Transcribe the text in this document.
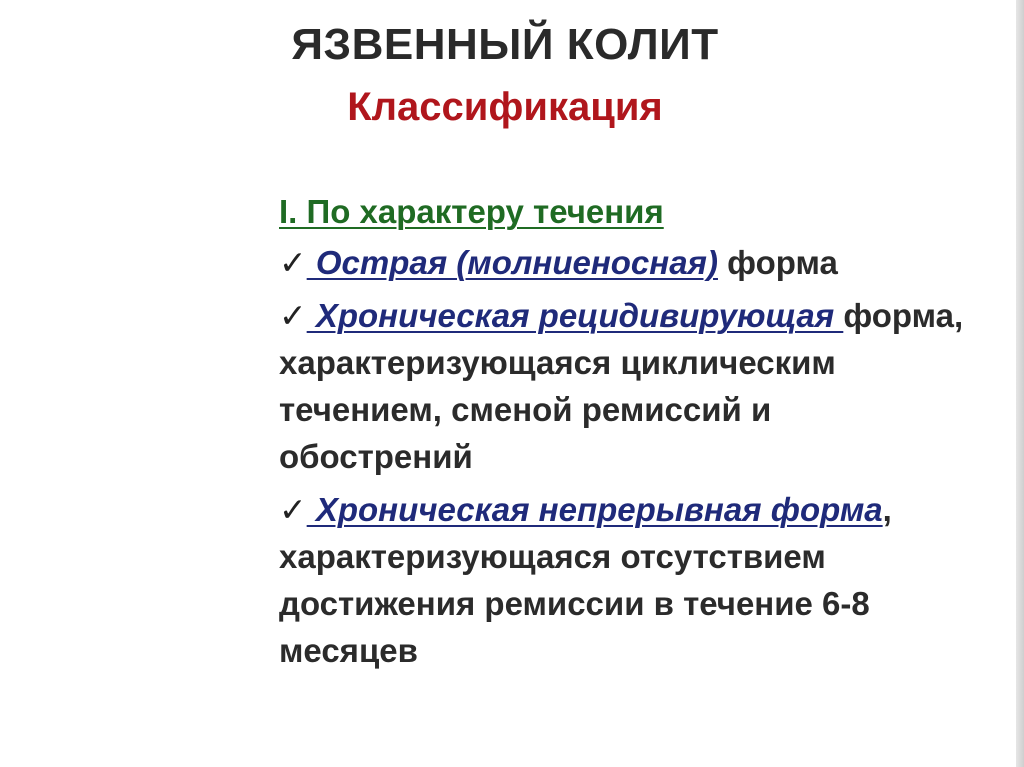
ЯЗВЕННЫЙ КОЛИТ
Классификация
I. По характеру течения
✓ Острая (молниеносная) форма
✓ Хроническая рецидивирующая форма, характеризующаяся циклическим течением, сменой ремиссий и обострений
✓ Хроническая непрерывная форма, характеризующаяся отсутствием достижения ремиссии в течение 6-8 месяцев
